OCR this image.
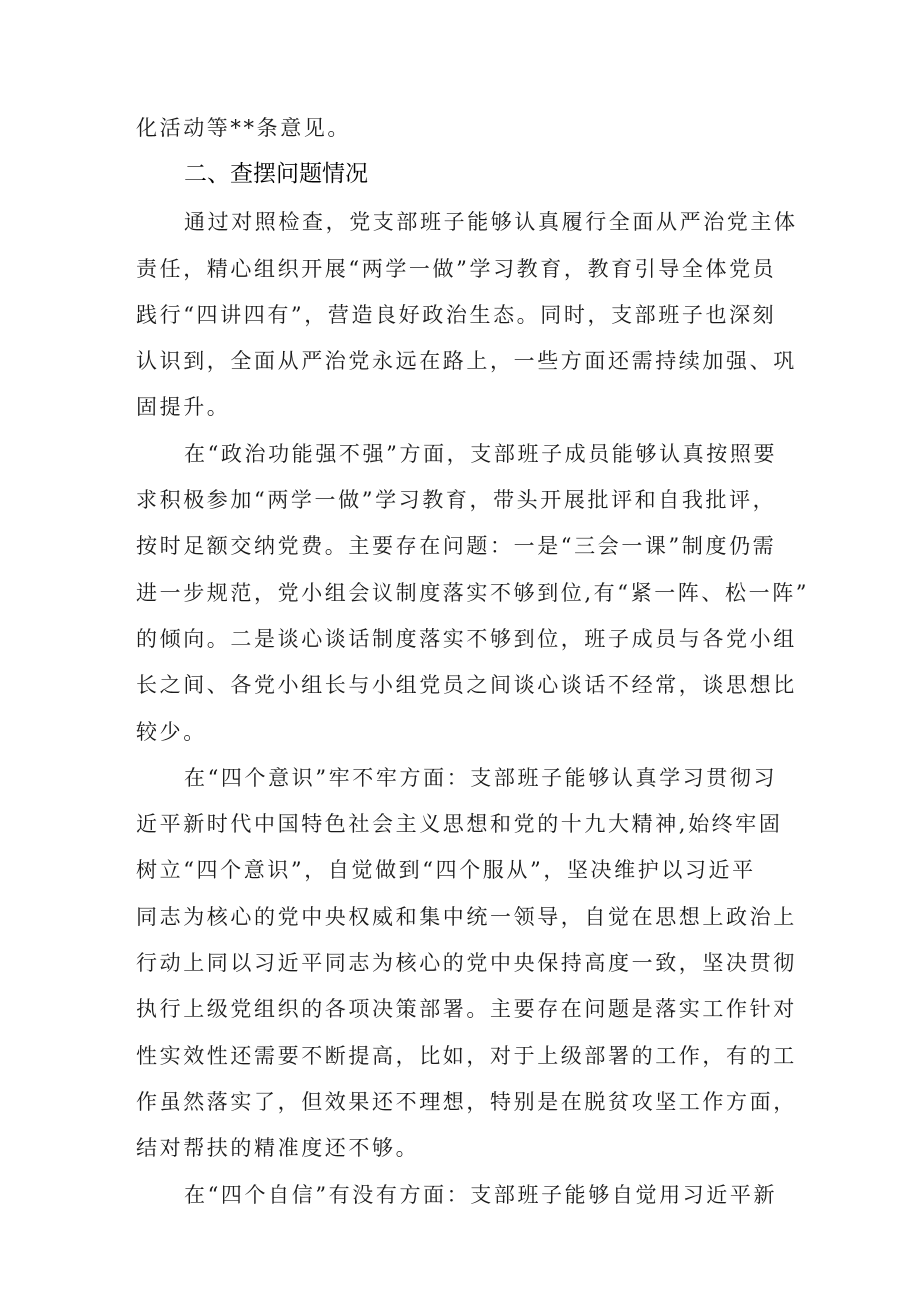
化活动等**条意见。
二、查摆问题情况
通过对照检查，党支部班子能够认真履行全面从严治党主体
责任，精心组织开展“两学一做”学习教育，教育引导全体党员
践行“四讲四有”，营造良好政治生态。同时，支部班子也深刻
认识到，全面从严治党永远在路上，一些方面还需持续加强、巩
固提升。
在“政治功能强不强”方面，支部班子成员能够认真按照要
求积极参加“两学一做”学习教育，带头开展批评和自我批评，
按时足额交纳党费。主要存在问题：一是“三会一课”制度仍需
进一步规范，党小组会议制度落实不够到位,有“紧一阵、松一阵”
的倾向。二是谈心谈话制度落实不够到位，班子成员与各党小组
长之间、各党小组长与小组党员之间谈心谈话不经常，谈思想比
较少。
在“四个意识”牢不牢方面：支部班子能够认真学习贯彻习
近平新时代中国特色社会主义思想和党的十九大精神,始终牢固
树立“四个意识”，自觉做到“四个服从”，坚决维护以习近平
同志为核心的党中央权威和集中统一领导，自觉在思想上政治上
行动上同以习近平同志为核心的党中央保持高度一致，坚决贯彻
执行上级党组织的各项决策部署。主要存在问题是落实工作针对
性实效性还需要不断提高，比如，对于上级部署的工作，有的工
作虽然落实了，但效果还不理想，特别是在脱贫攻坚工作方面，
结对帮扶的精准度还不够。
在“四个自信”有没有方面：支部班子能够自觉用习近平新
